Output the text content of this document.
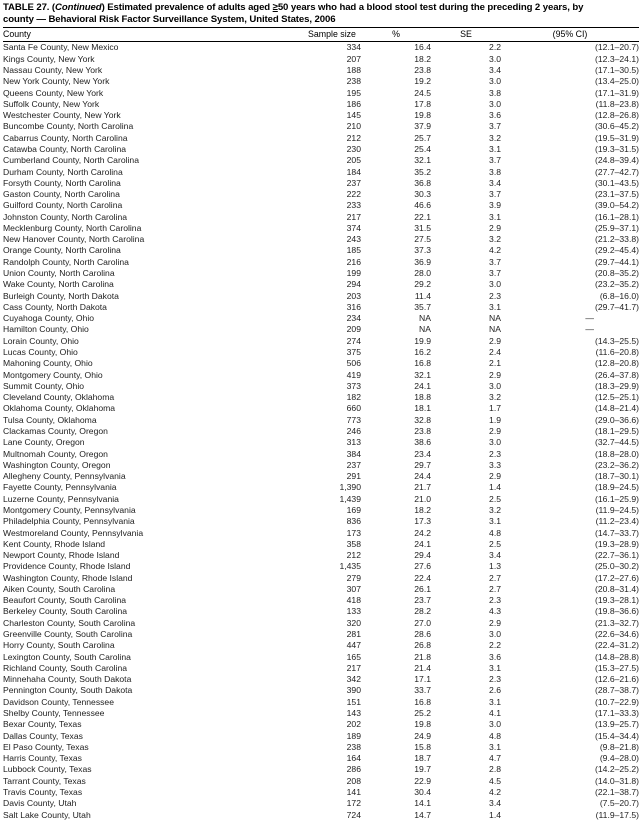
TABLE 27. (Continued) Estimated prevalence of adults aged ≥50 years who had a blood stool test during the preceding 2 years, by
county — Behavioral Risk Factor Surveillance System, United States, 2006
County	Sample size	%	SE	(95% CI)
Santa Fe County, New Mexico	334	16.4	2.2	(12.1–20.7)
Kings County, New York	207	18.2	3.0	(12.3–24.1)
Nassau County, New York	188	23.8	3.4	(17.1–30.5)
New York County, New York	238	19.2	3.0	(13.4–25.0)
Queens County, New York	195	24.5	3.8	(17.1–31.9)
Suffolk County, New York	186	17.8	3.0	(11.8–23.8)
Westchester County, New York	145	19.8	3.6	(12.8–26.8)
Buncombe County, North Carolina	210	37.9	3.7	(30.6–45.2)
Cabarrus County, North Carolina	212	25.7	3.2	(19.5–31.9)
Catawba County, North Carolina	230	25.4	3.1	(19.3–31.5)
Cumberland County, North Carolina	205	32.1	3.7	(24.8–39.4)
Durham County, North Carolina	184	35.2	3.8	(27.7–42.7)
Forsyth County, North Carolina	237	36.8	3.4	(30.1–43.5)
Gaston County, North Carolina	222	30.3	3.7	(23.1–37.5)
Guilford County, North Carolina	233	46.6	3.9	(39.0–54.2)
Johnston County, North Carolina	217	22.1	3.1	(16.1–28.1)
Mecklenburg County, North Carolina	374	31.5	2.9	(25.9–37.1)
New Hanover County, North Carolina	243	27.5	3.2	(21.2–33.8)
Orange County, North Carolina	185	37.3	4.2	(29.2–45.4)
Randolph County, North Carolina	216	36.9	3.7	(29.7–44.1)
Union County, North Carolina	199	28.0	3.7	(20.8–35.2)
Wake County, North Carolina	294	29.2	3.0	(23.2–35.2)
Burleigh County, North Dakota	203	11.4	2.3	(6.8–16.0)
Cass County, North Dakota	316	35.7	3.1	(29.7–41.7)
Cuyahoga County, Ohio	234	NA	NA	—
Hamilton County, Ohio	209	NA	NA	—
Lorain County, Ohio	274	19.9	2.9	(14.3–25.5)
Lucas County, Ohio	375	16.2	2.4	(11.6–20.8)
Mahoning County, Ohio	506	16.8	2.1	(12.8–20.8)
Montgomery County, Ohio	419	32.1	2.9	(26.4–37.8)
Summit County, Ohio	373	24.1	3.0	(18.3–29.9)
Cleveland County, Oklahoma	182	18.8	3.2	(12.5–25.1)
Oklahoma County, Oklahoma	660	18.1	1.7	(14.8–21.4)
Tulsa County, Oklahoma	773	32.8	1.9	(29.0–36.6)
Clackamas County, Oregon	246	23.8	2.9	(18.1–29.5)
Lane County, Oregon	313	38.6	3.0	(32.7–44.5)
Multnomah County, Oregon	384	23.4	2.3	(18.8–28.0)
Washington County, Oregon	237	29.7	3.3	(23.2–36.2)
Allegheny County, Pennsylvania	291	24.4	2.9	(18.7–30.1)
Fayette County, Pennsylvania	1,390	21.7	1.4	(18.9–24.5)
Luzerne County, Pennsylvania	1,439	21.0	2.5	(16.1–25.9)
Montgomery County, Pennsylvania	169	18.2	3.2	(11.9–24.5)
Philadelphia County, Pennsylvania	836	17.3	3.1	(11.2–23.4)
Westmoreland County, Pennsylvania	173	24.2	4.8	(14.7–33.7)
Kent County, Rhode Island	358	24.1	2.5	(19.3–28.9)
Newport County, Rhode Island	212	29.4	3.4	(22.7–36.1)
Providence County, Rhode Island	1,435	27.6	1.3	(25.0–30.2)
Washington County, Rhode Island	279	22.4	2.7	(17.2–27.6)
Aiken County, South Carolina	307	26.1	2.7	(20.8–31.4)
Beaufort County, South Carolina	418	23.7	2.3	(19.3–28.1)
Berkeley County, South Carolina	133	28.2	4.3	(19.8–36.6)
Charleston County, South Carolina	320	27.0	2.9	(21.3–32.7)
Greenville County, South Carolina	281	28.6	3.0	(22.6–34.6)
Horry County, South Carolina	447	26.8	2.2	(22.4–31.2)
Lexington County, South Carolina	165	21.8	3.6	(14.8–28.8)
Richland County, South Carolina	217	21.4	3.1	(15.3–27.5)
Minnehaha County, South Dakota	342	17.1	2.3	(12.6–21.6)
Pennington County, South Dakota	390	33.7	2.6	(28.7–38.7)
Davidson County, Tennessee	151	16.8	3.1	(10.7–22.9)
Shelby County, Tennessee	143	25.2	4.1	(17.1–33.3)
Bexar County, Texas	202	19.8	3.0	(13.9–25.7)
Dallas County, Texas	189	24.9	4.8	(15.4–34.4)
El Paso County, Texas	238	15.8	3.1	(9.8–21.8)
Harris County, Texas	164	18.7	4.7	(9.4–28.0)
Lubbock County, Texas	286	19.7	2.8	(14.2–25.2)
Tarrant County, Texas	208	22.9	4.5	(14.0–31.8)
Travis County, Texas	141	30.4	4.2	(22.1–38.7)
Davis County, Utah	172	14.1	3.4	(7.5–20.7)
Salt Lake County, Utah	724	14.7	1.4	(11.9–17.5)
